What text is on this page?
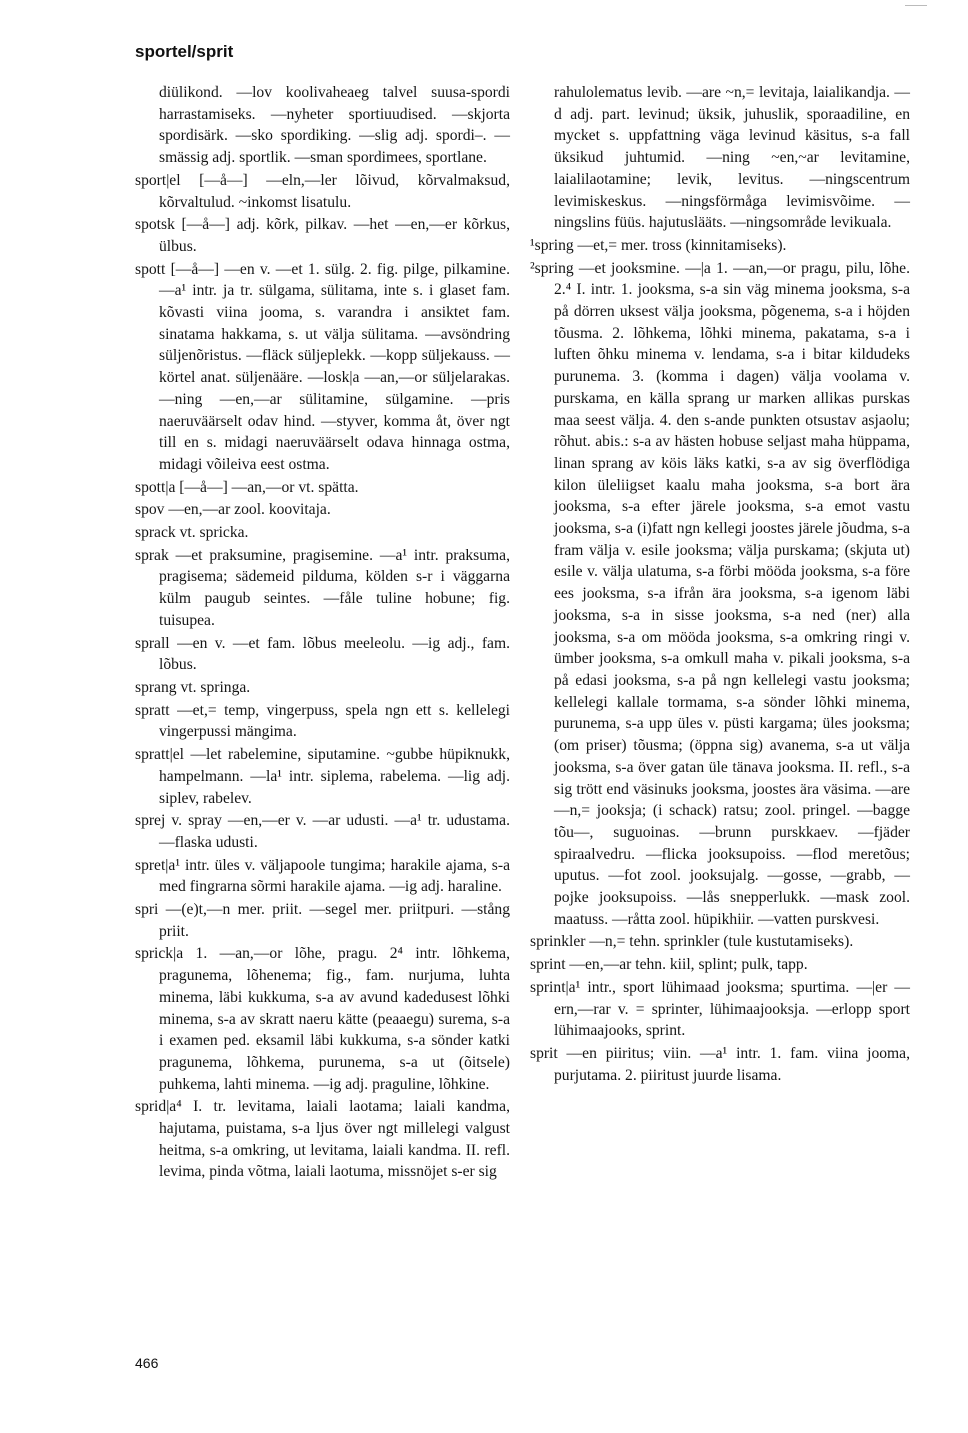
sportel/sprit

diülikond. —lov koolivaheaeg talvel suusa-spordi harrastamiseks. —nyheter sportiuudised. —skjorta spordisärk. —sko spordiking. —slig adj. spordi–. —smässig adj. sportlik. —sman spordimees, sportlane.

sport|el [—å—] —eln,—ler lõivud, kõrvalmaksud, kõrvaltulud. ~inkomst lisatulu.

spotsk [—å—] adj. kõrk, pilkav. —het —en,—er kõrkus, ülbus.

spott [—å—] —en v. —et 1. sülg. 2. fig. pilge, pilkamine. —a¹ intr. ja tr. sülgama, sülitama, inte s. i glaset fam. kõvasti viina jooma, s. varandra i ansiktet fam. sinatama hakkama, s. ut välja sülitama. —avsöndring süljenõristus. —fläck süljeplekk. —kopp süljekauss. —körtel anat. süljenääre. —losk|a —an,—or süljelarakas. —ning —en,—ar sülitamine, sülgamine. —pris naeruväärselt odav hind. —styver, komma åt, över ngt till en s. midagi naeruväärselt odava hinnaga ostma, midagi võileiva eest ostma.

spott|a [—å—] —an,—or vt. spätta.

spov —en,—ar zool. koovitaja.

sprack vt. spricka.

sprak —et praksumine, pragisemine. —a¹ intr. praksuma, pragisema; sädemeid pilduma, kölden s-r i väggarna külm paugub seintes. —fåle tuline hobune; fig. tuisupea.

sprall —en v. —et fam. lõbus meeleolu. —ig adj., fam. lõbus.

sprang vt. springa.

spratt —et,= temp, vingerpuss, spela ngn ett s. kellelegi vingerpussi mängima.

spratt|el —let rabelemine, siputamine. ~gubbe hüpiknukk, hampelmann. —la¹ intr. siplema, rabelema. —lig adj. siplev, rabelev.

sprej v. spray —en,—er v. —ar udusti. —a¹ tr. udustama. —flaska udusti.

spret|a¹ intr. üles v. väljapoole tungima; harakile ajama, s-a med fingrarna sõrmi harakile ajama. —ig adj. haraline.

spri —(e)t,—n mer. priit. —segel mer. priitpuri. —stång priit.

sprick|a 1. —an,—or lõhe, pragu. 2⁴ intr. lõhkema, pragunema, lõhenema; fig., fam. nurjuma, luhta minema, läbi kukkuma, s-a av avund kadedusest lõhki minema, s-a av skratt naeru kätte (peaaegu) surema, s-a i examen ped. eksamil läbi kukkuma, s-a sönder katki pragunema, lõhkema, purunema, s-a ut (õitsele) puhkema, lahti minema. —ig adj. praguline, lõhkine.

sprid|a⁴ I. tr. levitama, laiali laotama; laiali kandma, hajutama, puistama, s-a ljus över ngt millelegi valgust heitma, s-a omkring, ut levitama, laiali kandma. II. refl. levima, pinda võtma, laiali laotuma, missnöjet s-er sig

rahulolematus levib. —are ~n,= levitaja, laialikandja. —d adj. part. levinud; üksik, juhuslik, sporaadiline, en mycket s. uppfattning väga levinud käsitus, s-a fall üksikud juhtumid. —ning ~en,~ar levitamine, laialilaotamine; levik, levitus. —ningscentrum levimiskeskus. —ningsförmåga levimisvõime. —ningslins füüs. hajutuslääts. —ningsområde levikuala.

¹spring —et,= mer. tross (kinnitamiseks).

²spring —et jooksmine. —|a 1. —an,—or pragu, pilu, lõhe. 2.⁴ I. intr. 1. jooksma, s-a sin väg minema jooksma, s-a på dörren uksest välja jooksma, põgenema, s-a i höjden tõusma. 2. lõhkema, lõhki minema, pakatama, s-a i luften õhku minema v. lendama, s-a i bitar kildudeks purunema. 3. (komma i dagen) välja voolama v. purskama, en källa sprang ur marken allikas purskas maa seest välja. 4. den s-ande punkten otsustav asjaolu; rõhut. abis.: s-a av hästen hobuse seljast maha hüppama, linan sprang av köis läks katki, s-a av sig överflödiga kilon üleliigset kaalu maha jooksma, s-a bort ära jooksma, s-a efter järele jooksma, s-a emot vastu jooksma, s-a (i)fatt ngn kellegi joostes järele jõudma, s-a fram välja v. esile jooksma; välja purskama; (skjuta ut) esile v. välja ulatuma, s-a förbi mööda jooksma, s-a före ees jooksma, s-a ifrån ära jooksma, s-a igenom läbi jooksma, s-a in sisse jooksma, s-a ned (ner) alla jooksma, s-a om mööda jooksma, s-a omkring ringi v. ümber jooksma, s-a omkull maha v. pikali jooksma, s-a på edasi jooksma, s-a på ngn kellelegi vastu jooksma; kellelegi kallale tormama, s-a sönder lõhki minema, purunema, s-a upp üles v. püsti kargama; üles jooksma; (om priser) tõusma; (öppna sig) avanema, s-a ut välja jooksma, s-a över gatan üle tänava jooksma. II. refl., s-a sig trött end väsinuks jooksma, joostes ära väsima. —are —n,= jooksja; (i schack) ratsu; zool. pringel. —bagge tõu—, suguoinas. —brunn purskkaev. —fjäder spiraalvedru. —flicka jooksupoiss. —flod meretõus; uputus. —fot zool. jooksujalg. —gosse, —grabb, —pojke jooksupoiss. —lås snepperlukk. —mask zool. maatuss. —råtta zool. hüpikhiir. —vatten purskvesi.

sprinkler —n,= tehn. sprinkler (tule kustutamiseks).

sprint —en,—ar tehn. kiil, splint; pulk, tapp.

sprint|a¹ intr., sport lühimaad jooksma; spurtima. —|er —ern,—rar v. = sprinter, lühimaajooksja. —erlopp sport lühimaajooks, sprint.

sprit —en piiritus; viin. —a¹ intr. 1. fam. viina jooma, purjutama. 2. piiritust juurde lisama.

466
